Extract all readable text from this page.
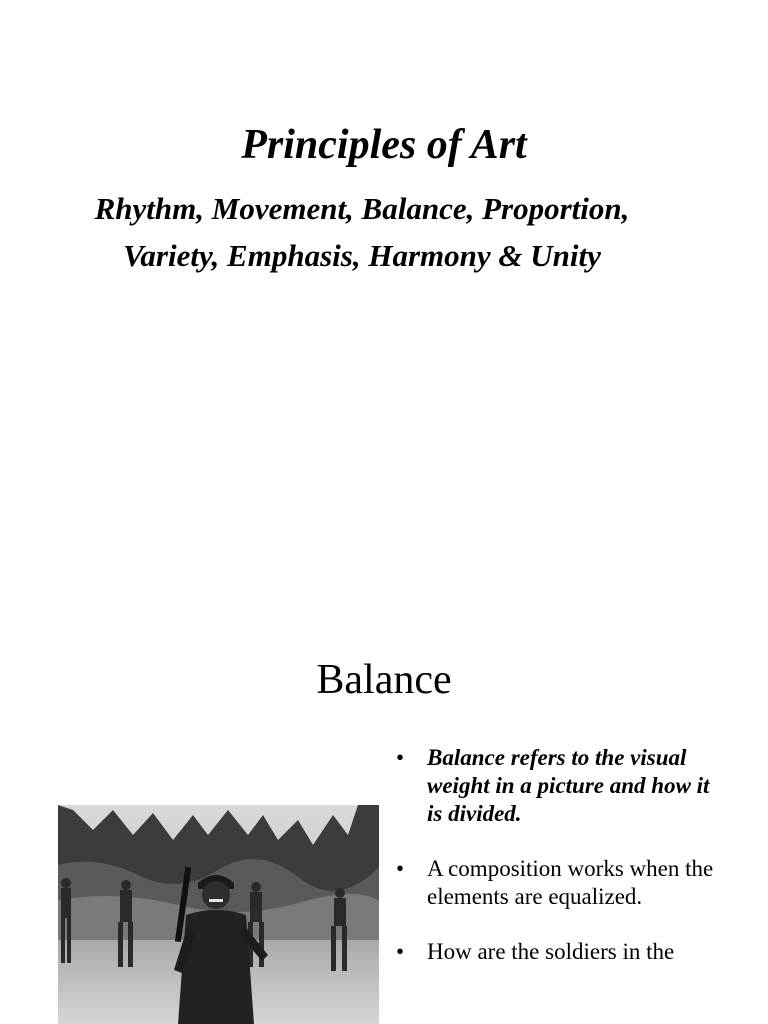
Principles of Art
Rhythm, Movement, Balance, Proportion,
Variety, Emphasis, Harmony & Unity
Balance
• Balance refers to the visual weight in a picture and how it is divided.
• A composition works when the elements are equalized.
• How are the soldiers in the
